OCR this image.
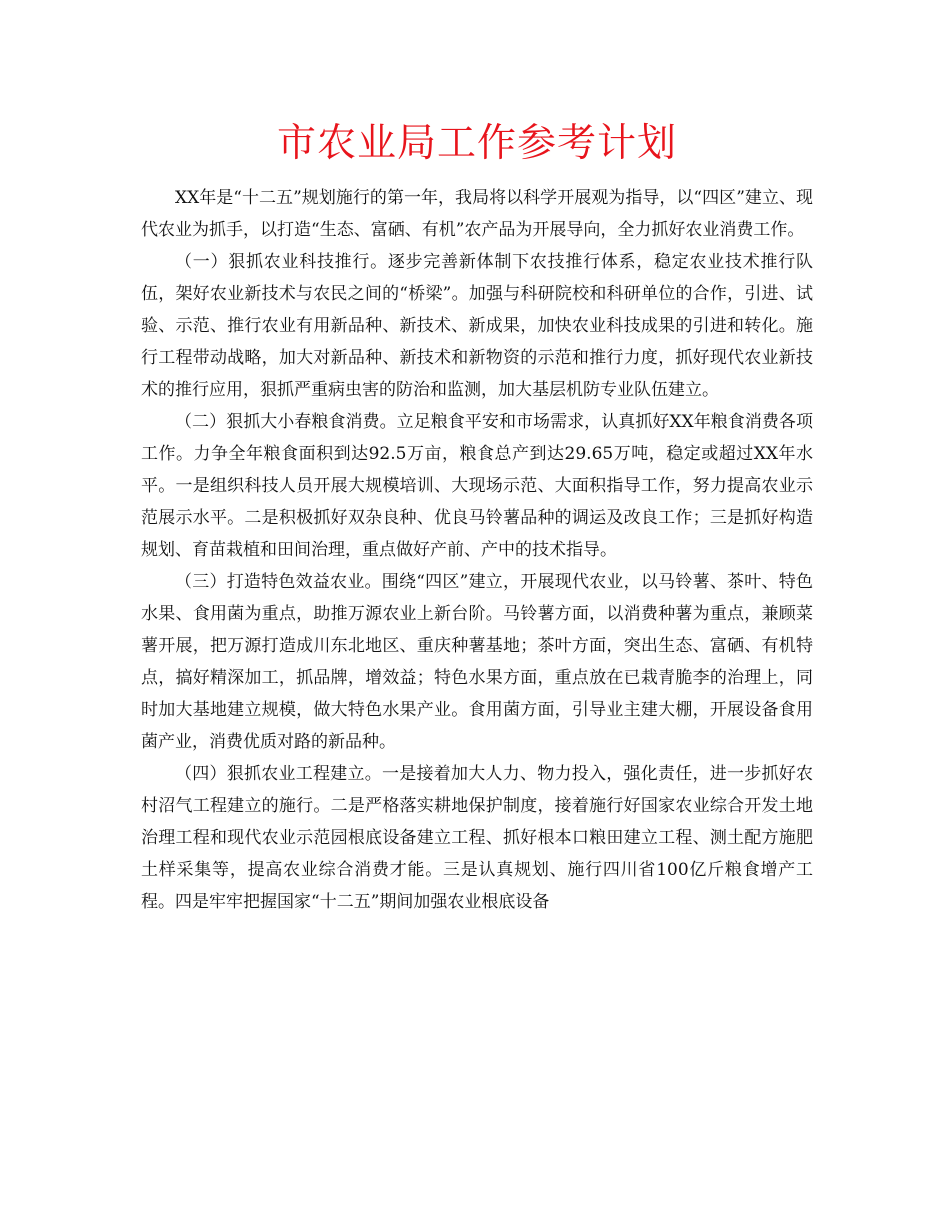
市农业局工作参考计划

XX年是“十二五”规划施行的第一年，我局将以科学开展观为指导，以“四区”建立、现代农业为抓手，以打造“生态、富硒、有机”农产品为开展导向，全力抓好农业消费工作。

（一）狠抓农业科技推行。逐步完善新体制下农技推行体系，稳定农业技术推行队伍，架好农业新技术与农民之间的“桥梁”。加强与科研院校和科研单位的合作，引进、试验、示范、推行农业有用新品种、新技术、新成果，加快农业科技成果的引进和转化。施行工程带动战略，加大对新品种、新技术和新物资的示范和推行力度，抓好现代农业新技术的推行应用，狠抓严重病虫害的防治和监测，加大基层机防专业队伍建立。

（二）狠抓大小春粮食消费。立足粮食平安和市场需求，认真抓好XX年粮食消费各项工作。力争全年粮食面积到达92.5万亩，粮食总产到达29.65万吨，稳定或超过XX年水平。一是组织科技人员开展大规模培训、大现场示范、大面积指导工作，努力提高农业示范展示水平。二是积极抓好双杂良种、优良马铃薯品种的调运及改良工作；三是抓好构造规划、育苗栽植和田间治理，重点做好产前、产中的技术指导。

（三）打造特色效益农业。围绕“四区”建立，开展现代农业，以马铃薯、茶叶、特色水果、食用菌为重点，助推万源农业上新台阶。马铃薯方面，以消费种薯为重点，兼顾菜薯开展，把万源打造成川东北地区、重庆种薯基地；茶叶方面，突出生态、富硒、有机特点，搞好精深加工，抓品牌，增效益；特色水果方面，重点放在已栽青脆李的治理上，同时加大基地建立规模，做大特色水果产业。食用菌方面，引导业主建大棚，开展设备食用菌产业，消费优质对路的新品种。

（四）狠抓农业工程建立。一是接着加大人力、物力投入，强化责任，进一步抓好农村沼气工程建立的施行。二是严格落实耕地保护制度，接着施行好国家农业综合开发土地治理工程和现代农业示范园根底设备建立工程、抓好根本口粮田建立工程、测土配方施肥土样采集等，提高农业综合消费才能。三是认真规划、施行四川省100亿斤粮食增产工程。四是牢牢把握国家“十二五”期间加强农业根底设备
